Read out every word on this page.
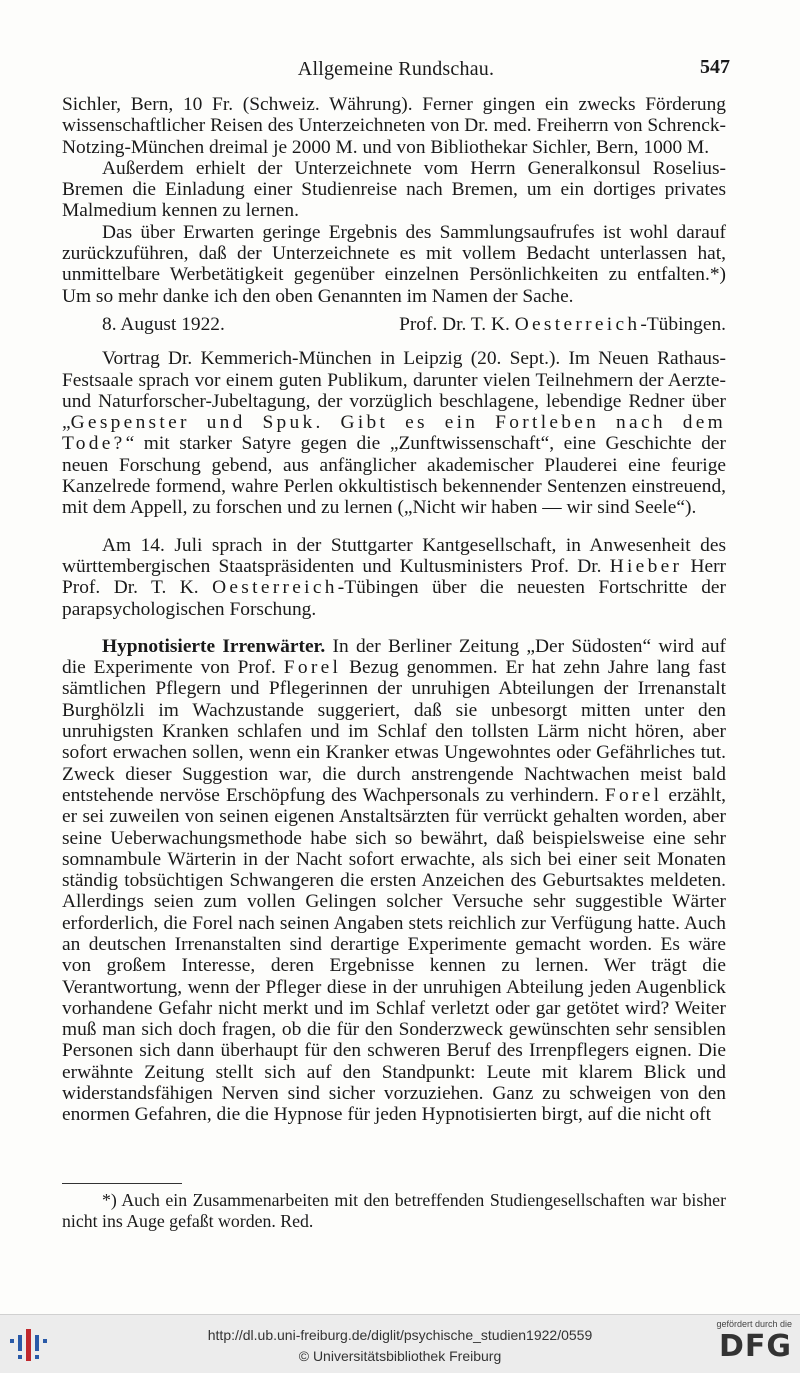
Allgemeine Rundschau.	547

Sichler, Bern, 10 Fr. (Schweiz. Währung). Ferner gingen ein zwecks Förderung wissenschaftlicher Reisen des Unterzeichneten von Dr. med. Freiherrn von Schrenck-Notzing-München dreimal je 2000 M. und von Bibliothekar Sichler, Bern, 1000 M.

Außerdem erhielt der Unterzeichnete vom Herrn Generalkonsul Roselius-Bremen die Einladung einer Studienreise nach Bremen, um ein dortiges privates Malmedium kennen zu lernen.

Das über Erwarten geringe Ergebnis des Sammlungsaufrufes ist wohl darauf zurückzuführen, daß der Unterzeichnete es mit vollem Bedacht unterlassen hat, unmittelbare Werbetätigkeit gegenüber einzelnen Persönlichkeiten zu entfalten.*) Um so mehr danke ich den oben Genannten im Namen der Sache.

8. August 1922.	Prof. Dr. T. K. Oesterreich-Tübingen.

Vortrag Dr. Kemmerich-München in Leipzig (20. Sept.). Im Neuen Rathaus-Festsaale sprach vor einem guten Publikum, darunter vielen Teilnehmern der Aerzte- und Naturforscher-Jubeltagung, der vorzüglich beschlagene, lebendige Redner über „Gespenster und Spuk. Gibt es ein Fortleben nach dem Tode?“ mit starker Satyre gegen die „Zunftwissenschaft“, eine Geschichte der neuen Forschung gebend, aus anfänglicher akademischer Plauderei eine feurige Kanzelrede formend, wahre Perlen okkultistisch bekennender Sentenzen einstreuend, mit dem Appell, zu forschen und zu lernen („Nicht wir haben — wir sind Seele“).

Am 14. Juli sprach in der Stuttgarter Kantgesellschaft, in Anwesenheit des württembergischen Staatspräsidenten und Kultusministers Prof. Dr. Hieber Herr Prof. Dr. T. K. Oesterreich-Tübingen über die neuesten Fortschritte der parapsychologischen Forschung.

Hypnotisierte Irrenwärter. In der Berliner Zeitung „Der Südosten“ wird auf die Experimente von Prof. Forel Bezug genommen. Er hat zehn Jahre lang fast sämtlichen Pflegern und Pflegerinnen der unruhigen Abteilungen der Irrenanstalt Burghölzli im Wachzustande suggeriert, daß sie unbesorgt mitten unter den unruhigsten Kranken schlafen und im Schlaf den tollsten Lärm nicht hören, aber sofort erwachen sollen, wenn ein Kranker etwas Ungewohntes oder Gefährliches tut. Zweck dieser Suggestion war, die durch anstrengende Nachtwachen meist bald entstehende nervöse Erschöpfung des Wachpersonals zu verhindern. Forel erzählt, er sei zuweilen von seinen eigenen Anstaltsärzten für verrückt gehalten worden, aber seine Ueberwachungsmethode habe sich so bewährt, daß beispielsweise eine sehr somnambule Wärterin in der Nacht sofort erwachte, als sich bei einer seit Monaten ständig tobsüchtigen Schwangeren die ersten Anzeichen des Geburtsaktes meldeten. Allerdings seien zum vollen Gelingen solcher Versuche sehr suggestible Wärter erforderlich, die Forel nach seinen Angaben stets reichlich zur Verfügung hatte. Auch an deutschen Irrenanstalten sind derartige Experimente gemacht worden. Es wäre von großem Interesse, deren Ergebnisse kennen zu lernen. Wer trägt die Verantwortung, wenn der Pfleger diese in der unruhigen Abteilung jeden Augenblick vorhandene Gefahr nicht merkt und im Schlaf verletzt oder gar getötet wird? Weiter muß man sich doch fragen, ob die für den Sonderzweck gewünschten sehr sensiblen Personen sich dann überhaupt für den schweren Beruf des Irrenpflegers eignen. Die erwähnte Zeitung stellt sich auf den Standpunkt: Leute mit klarem Blick und widerstandsfähigen Nerven sind sicher vorzuziehen. Ganz zu schweigen von den enormen Gefahren, die die Hypnose für jeden Hypnotisierten birgt, auf die nicht oft

*) Auch ein Zusammenarbeiten mit den betreffenden Studiengesellschaften war bisher nicht ins Auge gefaßt worden. Red.
http://dl.ub.uni-freiburg.de/diglit/psychische_studien1922/0559
© Universitätsbibliothek Freiburg
gefördert durch die
DFG
